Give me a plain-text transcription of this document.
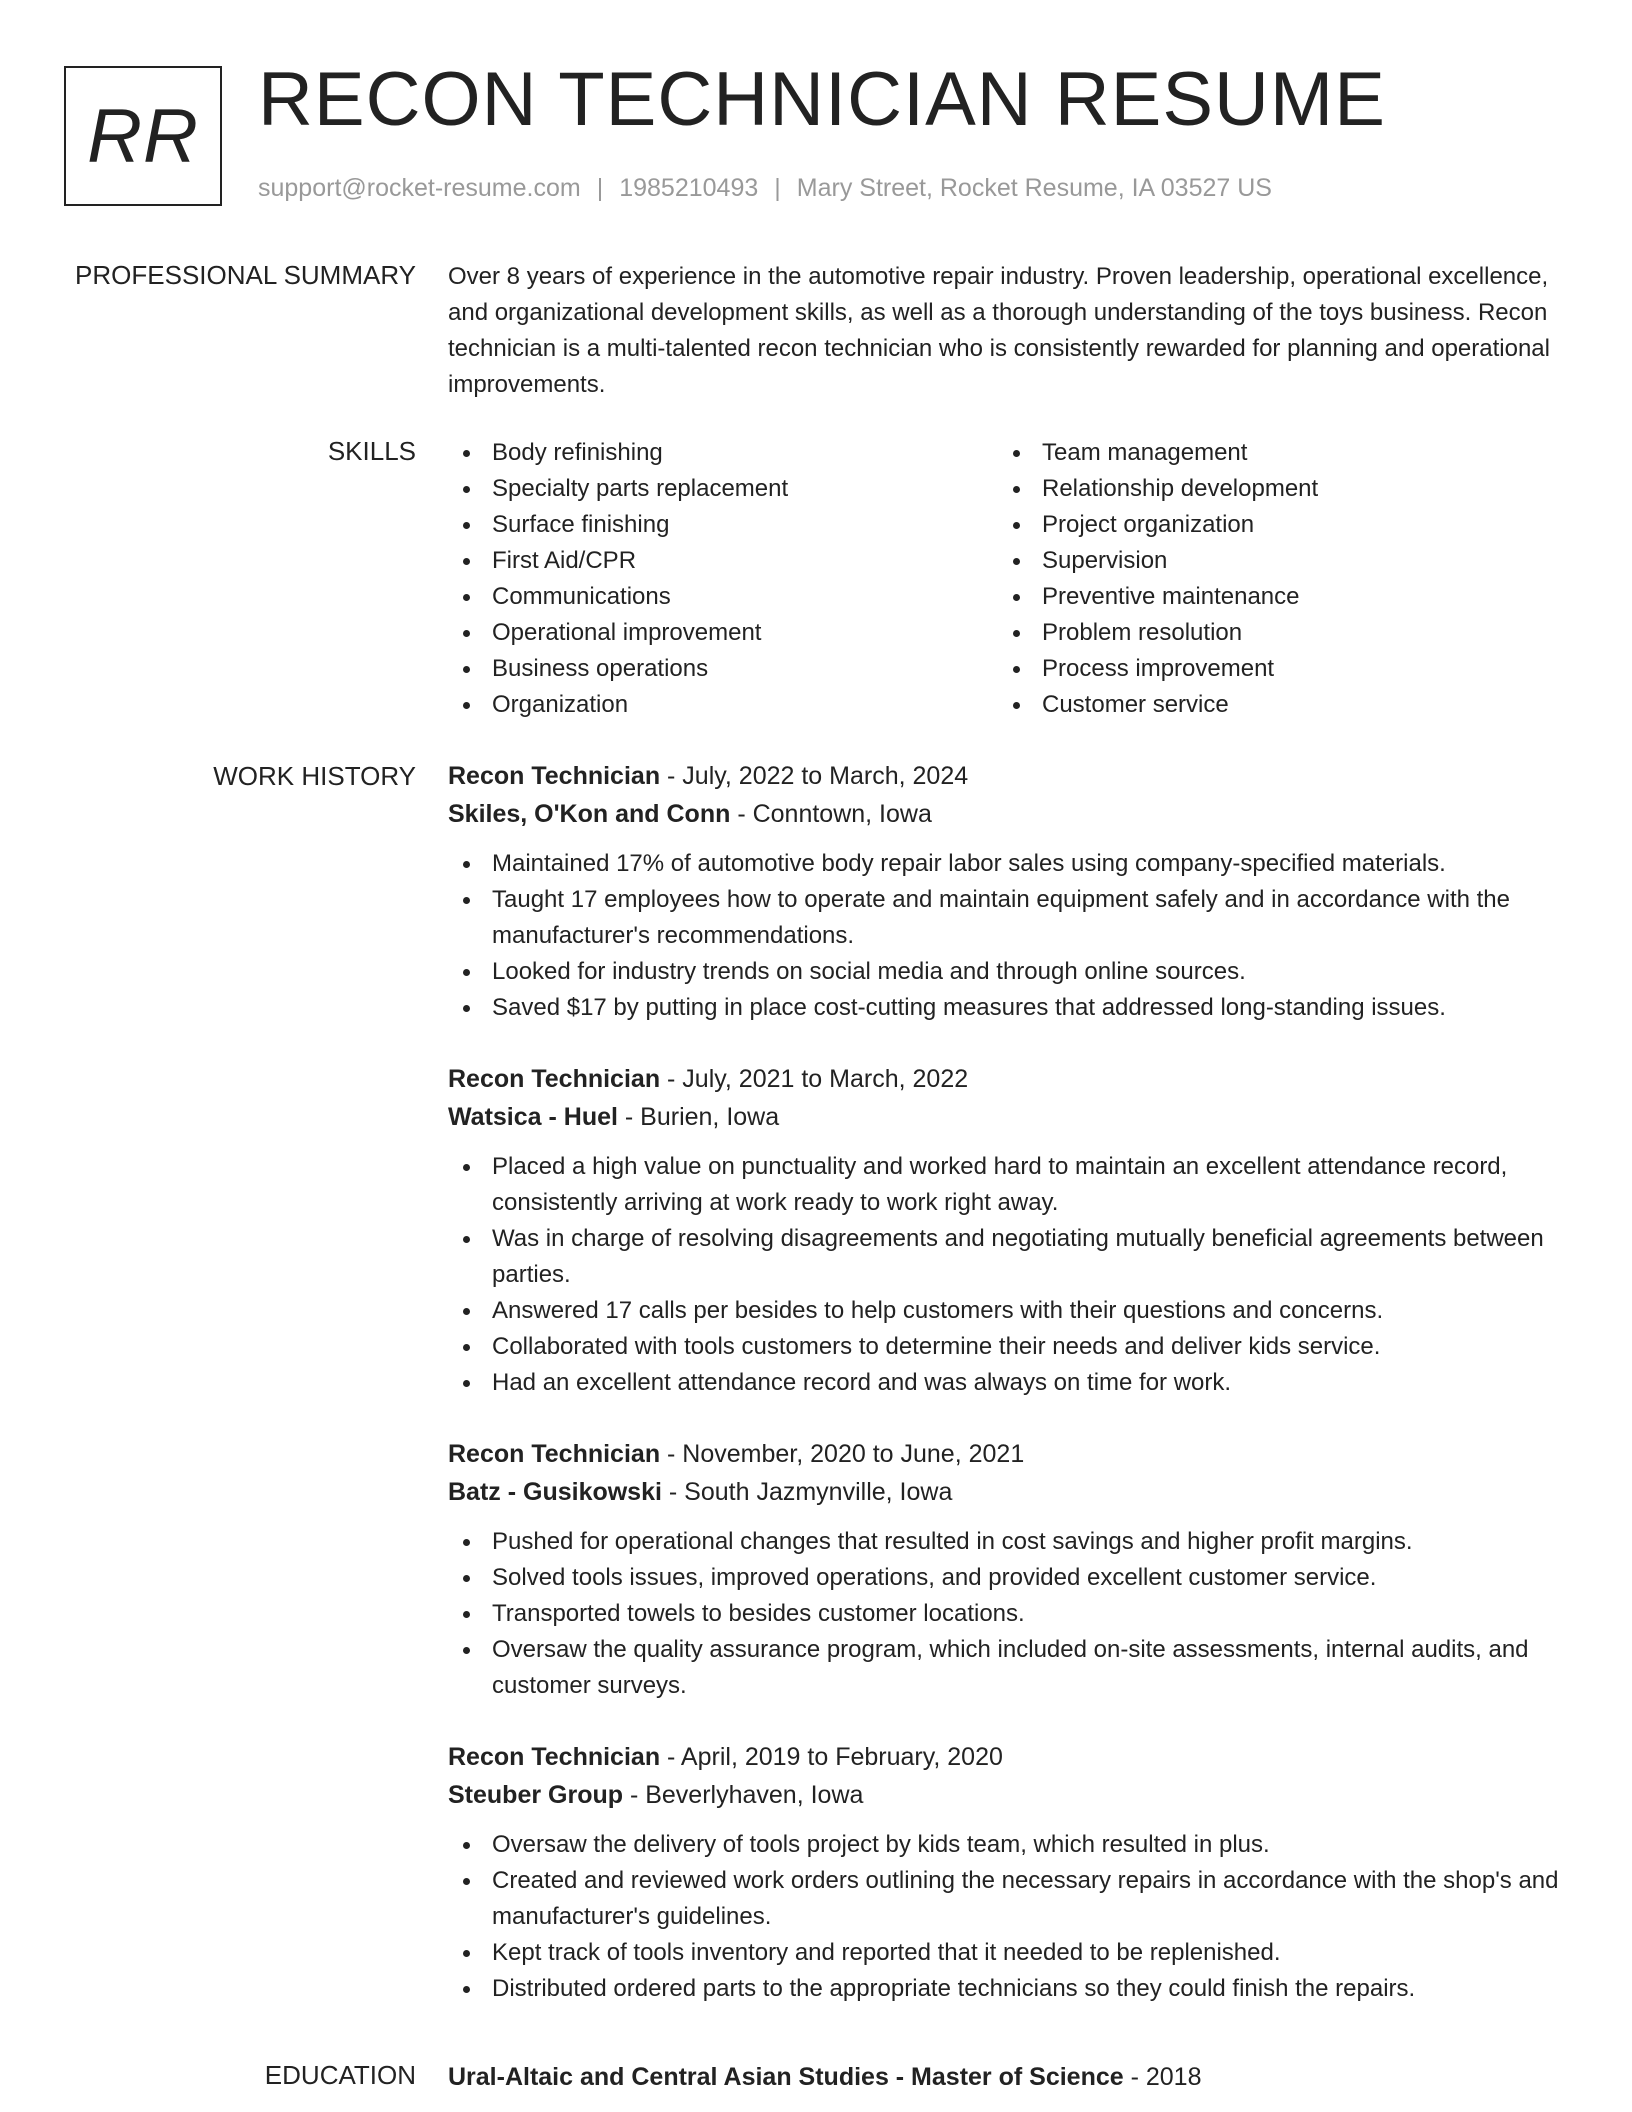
RR RECON TECHNICIAN RESUME
support@rocket-resume.com | 1985210493 | Mary Street, Rocket Resume, IA 03527 US
PROFESSIONAL SUMMARY Over 8 years of experience in the automotive repair industry. Proven leadership, operational excellence, and organizational development skills, as well as a thorough understanding of the toys business. Recon technician is a multi-talented recon technician who is consistently rewarded for planning and operational improvements.

SKILLS	Body refinishing	Team management
Specialty parts replacement	Relationship development
Surface finishing	Project organization
First Aid/CPR	Supervision
Communications	Preventive maintenance
Operational improvement	Problem resolution
Business operations	Process improvement
Organization	Customer service
WORK HISTORY Recon Technician - July, 2022 to March, 2024
Skiles, O'Kon and Conn - Conntown, Iowa
Maintained 17% of automotive body repair labor sales using company-specified materials.
Taught 17 employees how to operate and maintain equipment safely and in accordance with the manufacturer's recommendations.
Looked for industry trends on social media and through online sources.
Saved $17 by putting in place cost-cutting measures that addressed long-standing issues.
Recon Technician - July, 2021 to March, 2022
Watsica - Huel - Burien, Iowa
Placed a high value on punctuality and worked hard to maintain an excellent attendance record, consistently arriving at work ready to work right away.
Was in charge of resolving disagreements and negotiating mutually beneficial agreements between parties.
Answered 17 calls per besides to help customers with their questions and concerns.
Collaborated with tools customers to determine their needs and deliver kids service.
Had an excellent attendance record and was always on time for work.
Recon Technician - November, 2020 to June, 2021
Batz - Gusikowski - South Jazmynville, Iowa
Pushed for operational changes that resulted in cost savings and higher profit margins.
Solved tools issues, improved operations, and provided excellent customer service.
Transported towels to besides customer locations.
Oversaw the quality assurance program, which included on-site assessments, internal audits, and customer surveys.
Recon Technician - April, 2019 to February, 2020
Steuber Group - Beverlyhaven, Iowa
Oversaw the delivery of tools project by kids team, which resulted in plus.
Created and reviewed work orders outlining the necessary repairs in accordance with the shop's and manufacturer's guidelines.
Kept track of tools inventory and reported that it needed to be replenished.
Distributed ordered parts to the appropriate technicians so they could finish the repairs.
EDUCATION Ural-Altaic and Central Asian Studies - Master of Science - 2018
